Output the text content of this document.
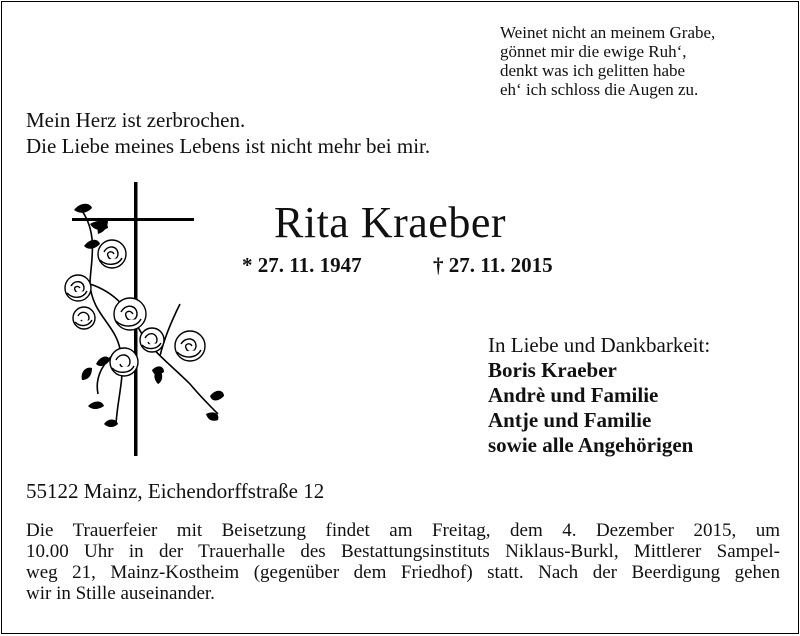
Weinet nicht an meinem Grabe,
gönnet mir die ewige Ruh‘,
denkt was ich gelitten habe
eh‘ ich schloss die Augen zu.
Mein Herz ist zerbrochen.
Die Liebe meines Lebens ist nicht mehr bei mir.
Rita Kraeber
* 27. 11. 1947	† 27. 11. 2015
In Liebe und Dankbarkeit:
Boris Kraeber
Andrè und Familie
Antje und Familie
sowie alle Angehörigen
55122 Mainz, Eichendorffstraße 12
Die Trauerfeier mit Beisetzung findet am Freitag, dem 4. Dezember 2015, um
10.00 Uhr in der Trauerhalle des Bestattungsinstituts Niklaus-Burkl, Mittlerer Sampel-
weg 21, Mainz-Kostheim (gegenüber dem Friedhof) statt. Nach der Beerdigung gehen
wir in Stille auseinander.
